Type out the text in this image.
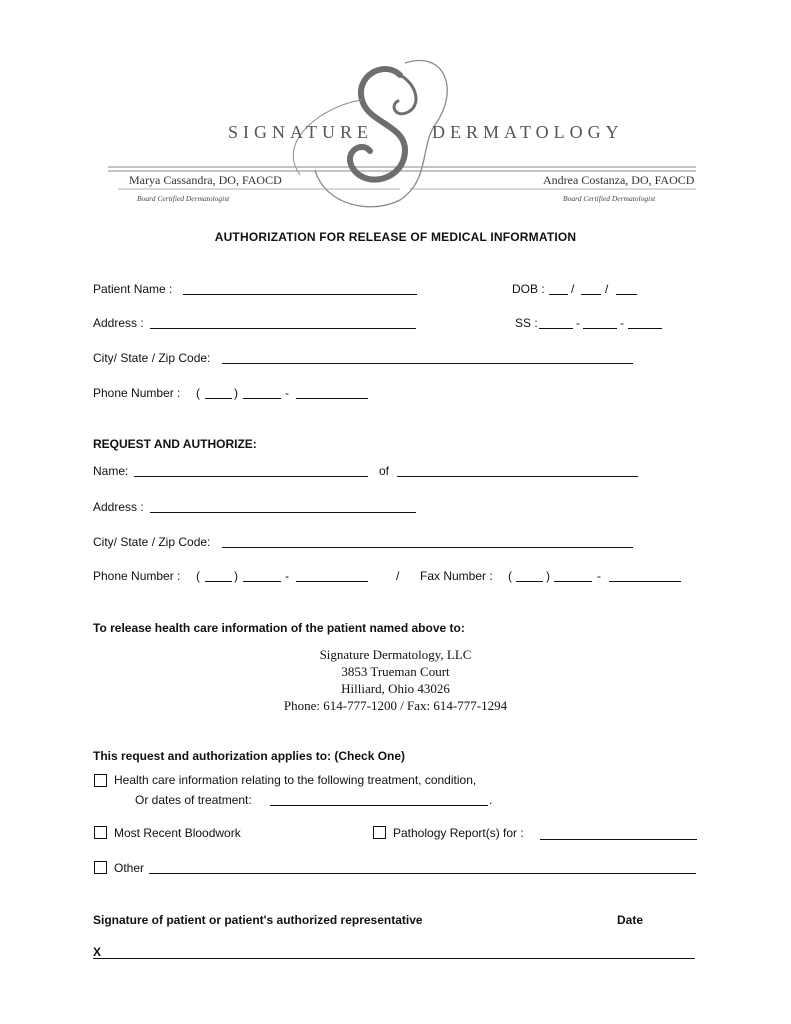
SIGNATURE	DERMATOLOGY
Marya Cassandra, DO, FAOCD	Andrea Costanza, DO, FAOCD
Board Certified Dermatologist	Board Certified Dermatologist
AUTHORIZATION FOR RELEASE OF MEDICAL INFORMATION
Patient Name :	DOB : /	/
Address :	SS :	-	-
City/ State / Zip Code:
Phone Number : (	)	-
REQUEST AND AUTHORIZE:
Name:	of
Address :
City/ State / Zip Code:
Phone Number : (	)	-	/ Fax Number : (	)	-
To release health care information of the patient named above to:
Signature Dermatology, LLC
3853 Trueman Court
Hilliard, Ohio 43026
Phone: 614-777-1200 / Fax: 614-777-1294
This request and authorization applies to: (Check One)
Health care information relating to the following treatment, condition,
Or dates of treatment:	.
Most Recent Bloodwork	Pathology Report(s) for :
Other
Signature of patient or patient's authorized representative	Date
X
